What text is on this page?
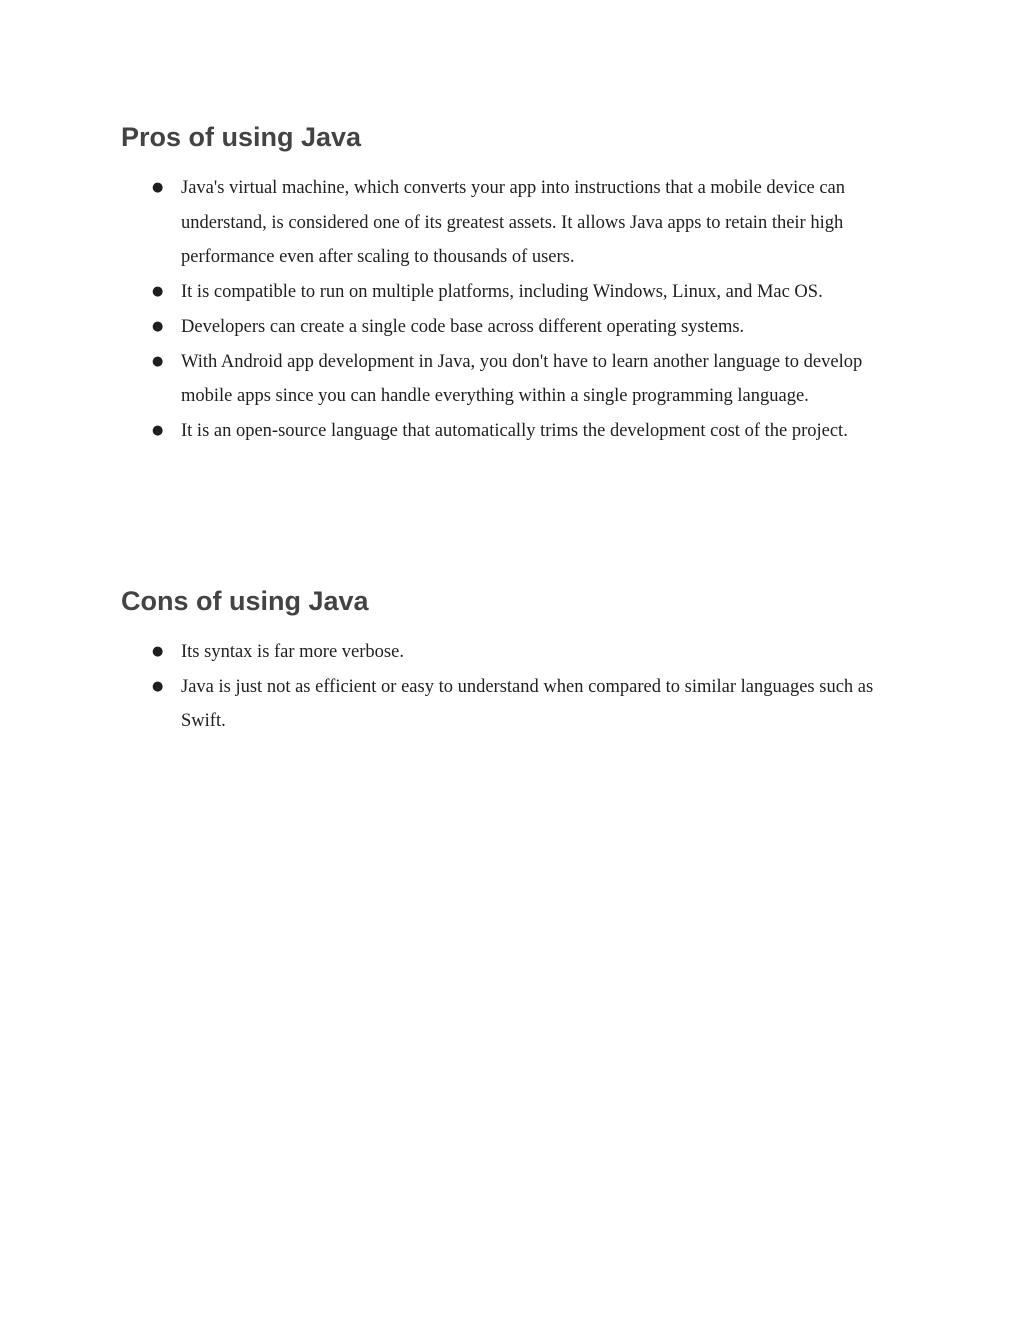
Pros of using Java
● Java's virtual machine, which converts your app into instructions that a mobile device can understand, is considered one of its greatest assets. It allows Java apps to retain their high performance even after scaling to thousands of users.
● It is compatible to run on multiple platforms, including Windows, Linux, and Mac OS.
● Developers can create a single code base across different operating systems.
● With Android app development in Java, you don't have to learn another language to develop mobile apps since you can handle everything within a single programming language.
● It is an open-source language that automatically trims the development cost of the project.
Cons of using Java
● Its syntax is far more verbose.
● Java is just not as efficient or easy to understand when compared to similar languages such as Swift.
